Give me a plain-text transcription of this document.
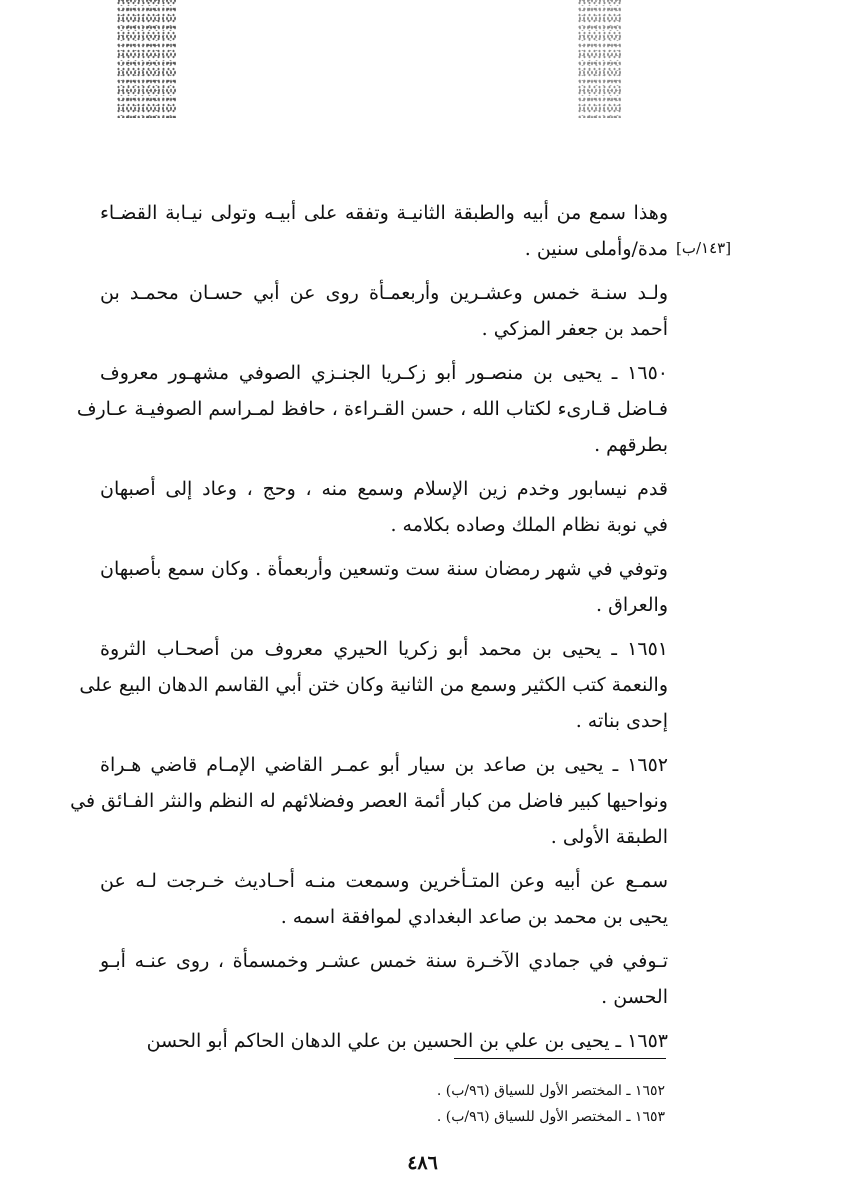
[١٤٣/ب]
وهذا سمع من أبيه والطبقة الثانيـة وتفقه على أبيـه وتولى نيـابة القضـاء
مدة/وأملى سنين .
ولـد سنـة خمس وعشـرين وأربعمـأة روى عن أبي حسـان محمـد بن
أحمد بن جعفر المزكي .
١٦٥٠ ـ يحيى بن منصـور أبو زكـريا الجنـزي الصوفي مشهـور معروف
فـاضل قـارىء لكتاب الله ، حسن القـراءة ، حافظ لمـراسم الصوفيـة عـارف
بطرقهم .
قدم نيسابور وخدم زين الإسلام وسمع منه ، وحج ، وعاد إلى أصبهان
في نوبة نظام الملك وصاده بكلامه .
وتوفي في شهر رمضان سنة ست وتسعين وأربعمأة . وكان سمع بأصبهان
والعراق .
١٦٥١ ـ يحيى بن محمد أبو زكريا الحيري معروف من أصحـاب الثروة
والنعمة كتب الكثير وسمع من الثانية وكان ختن أبي القاسم الدهان البيع على
إحدى بناته .
١٦٥٢ ـ يحيى بن صاعد بن سيار أبو عمـر القاضي الإمـام قاضي هـراة
ونواحيها كبير فاضل من كبار أئمة العصر وفضلائهم له النظم والنثر الفـائق في
الطبقة الأولى .
سمـع عن أبيه وعن المتـأخرين وسمعت منـه أحـاديث خـرجت لـه عن
يحيى بن محمد بن صاعد البغدادي لموافقة اسمه .
تـوفي في جمادي الآخـرة سنة خمس عشـر وخمسمأة ، روى عنـه أبـو
الحسن .
١٦٥٣ ـ يحيى بن علي بن الحسين بن علي الدهان الحاكم أبو الحسن
١٦٥٢ ـ المختصر الأول للسياق (٩٦/ب) .
١٦٥٣ ـ المختصر الأول للسياق (٩٦/ب) .
٤٨٦
